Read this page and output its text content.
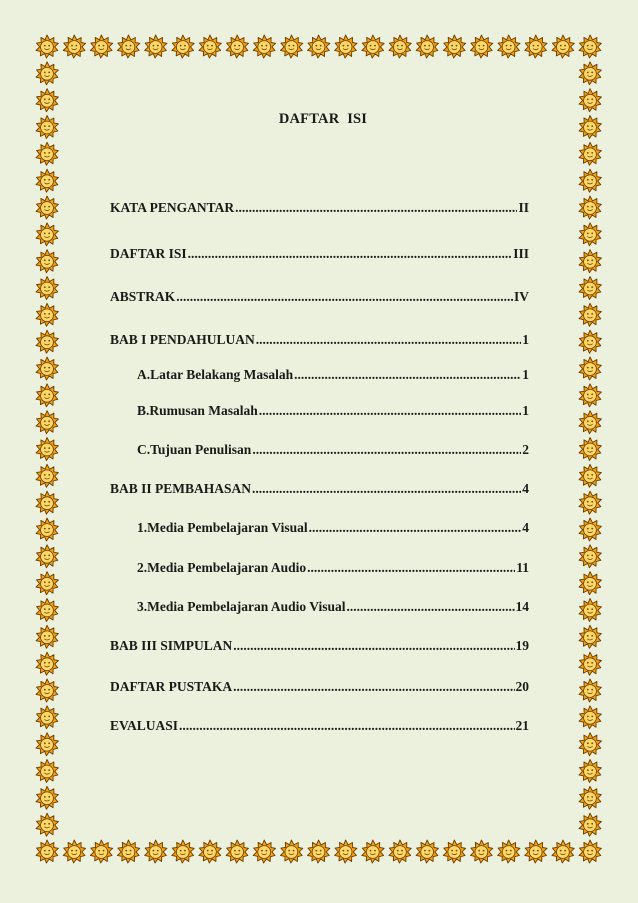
DAFTAR ISI
KATA PENGANTAR .....	II
DAFTAR ISI .....	III
ABSTRAK .....	IV
BAB I PENDAHULUAN .....	1
A. Latar Belakang Masalah .....	1
B. Rumusan Masalah .....	1
C. Tujuan Penulisan .....	2
BAB II PEMBAHASAN .....	4
1. Media Pembelajaran Visual .....	4
2. Media Pembelajaran Audio .....	11
3. Media Pembelajaran Audio Visual .....	14
BAB III SIMPULAN .....	19
DAFTAR PUSTAKA .....	20
EVALUASI .....	21
